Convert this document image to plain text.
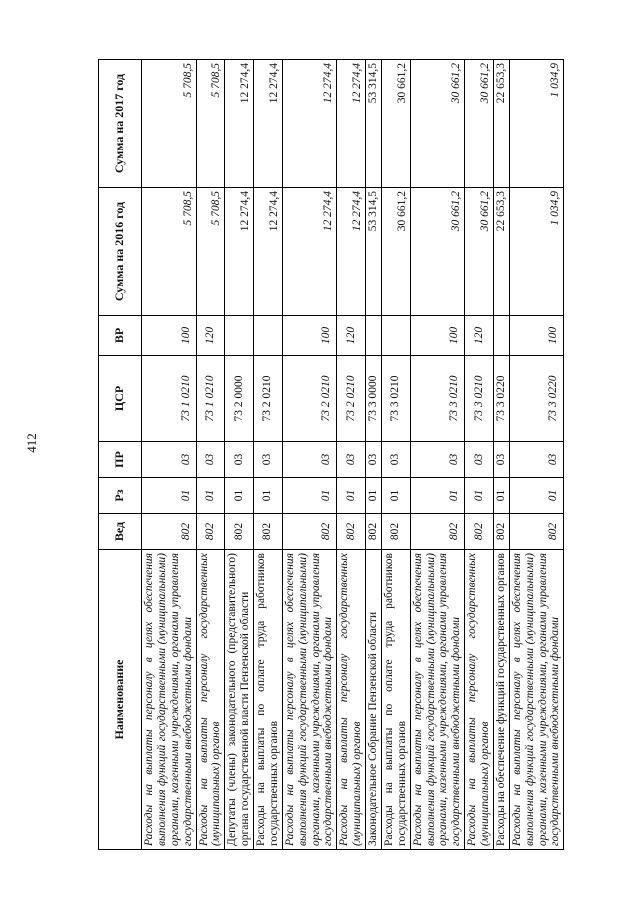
412
Наименование	Вед	Рз	ПР	ЦСР	ВР	Сумма на 2016 год	Сумма на 2017 год
Расходы на выплаты персоналу в целях обеспечения выполнения функций государственными (муниципальными) органами, казенными учреждениями, органами управления государственными внебюджетными фондами	802	01	03	73 1 0210	100	5 708,5	5 708,5
Расходы на выплаты персоналу государственных (муниципальных) органов	802	01	03	73 1 0210	120	5 708,5	5 708,5
Депутаты (члены) законодательного (представительного) органа государственной власти Пензенской области	802	01	03	73 2 0000		12 274,4	12 274,4
Расходы на выплаты по оплате труда работников государственных органов	802	01	03	73 2 0210		12 274,4	12 274,4
Расходы на выплаты персоналу в целях обеспечения выполнения функций государственными (муниципальными) органами, казенными учреждениями, органами управления государственными внебюджетными фондами	802	01	03	73 2 0210	100	12 274,4	12 274,4
Расходы на выплаты персоналу государственных (муниципальных) органов	802	01	03	73 2 0210	120	12 274,4	12 274,4
Законодательное Собрание Пензенской области	802	01	03	73 3 0000		53 314,5	53 314,5
Расходы на выплаты по оплате труда работников государственных органов	802	01	03	73 3 0210		30 661,2	30 661,2
Расходы на выплаты персоналу в целях обеспечения выполнения функций государственными (муниципальными) органами, казенными учреждениями, органами управления государственными внебюджетными фондами	802	01	03	73 3 0210	100	30 661,2	30 661,2
Расходы на выплаты персоналу государственных (муниципальных) органов	802	01	03	73 3 0210	120	30 661,2	30 661,2
Расходы на обеспечение функций государственных органов	802	01	03	73 3 0220		22 653,3	22 653,3
Расходы на выплаты персоналу в целях обеспечения выполнения функций государственными (муниципальными) органами, казенными учреждениями, органами управления государственными внебюджетными фондами	802	01	03	73 3 0220	100	1 034,9	1 034,9
